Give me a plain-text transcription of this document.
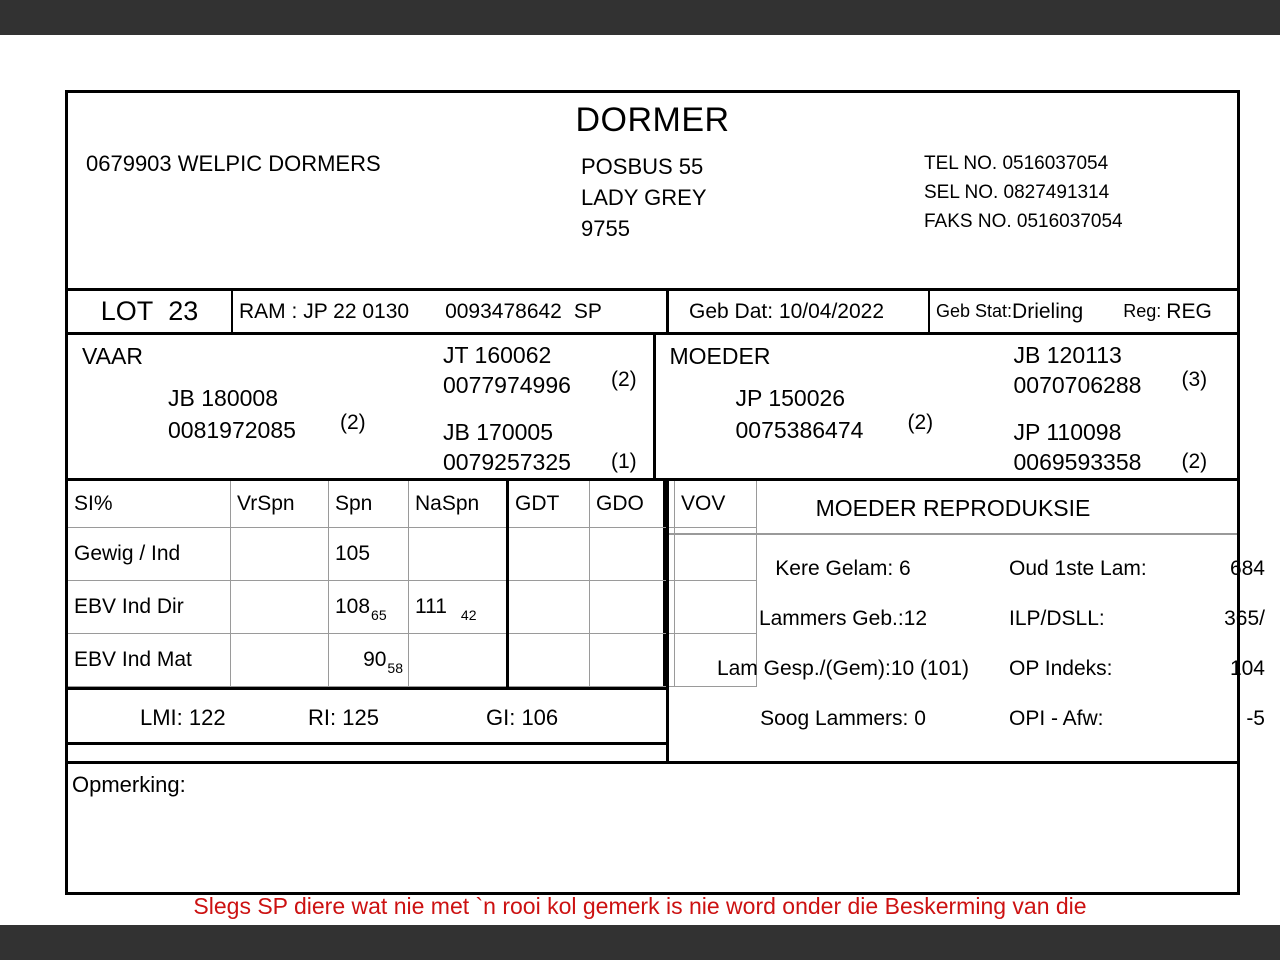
DORMER
0679903 WELPIC DORMERS	POSBUS 55
LADY GREY
9755
TEL NO. 0516037054
SEL NO. 0827491314
FAKS NO. 0516037054
LOT
23 RAM :
JP 22 0130 0093478642 SP	Geb Dat:
10/04/2022	Geb Stat: Drieling Reg: REG
VAAR
JB 180008
0081972085 (2)
JT 160062
0077974996 (2)
JB 170005
0079257325 (1)
MOEDER
JP 150026
0075386474 (2)
JB 120113
0070706288 (3)
JP 110098
0069593358 (2)
SI%	VrSpn	Spn	NaSpn	GDT	GDO	VOV
Gewig / Ind		105				
EBV Ind Dir		$108_{65}$	111 $_{42}$			
EBV Ind Mat		$90_{58}$				
LMI: 122	RI: 125	GI: 106
MOEDER REPRODUKSIE
Kere Gelam: 6	Oud 1ste Lam:	684
Lammers Geb.:12	ILP/DSLL:	365/
Lam Gesp./(Gem):10 (101)	OP Indeks:	104
Soog Lammers: 0	OPI - Afw:	-5
Opmerking:
Slegs SP diere wat nie met `n rooi kol gemerk is nie word onder die Beskerming van die
